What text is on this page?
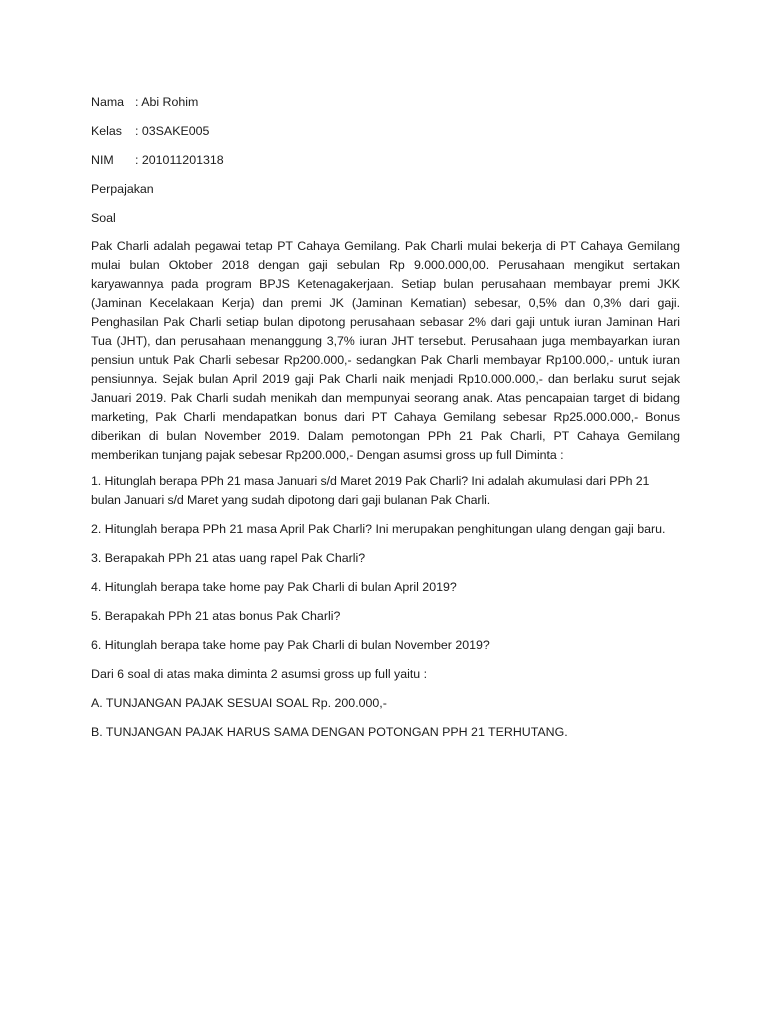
Nama : Abi Rohim
Kelas : 03SAKE005
NIM	: 201011201318
Perpajakan
Soal

Pak Charli adalah pegawai tetap PT Cahaya Gemilang. Pak Charli mulai bekerja di PT Cahaya Gemilang mulai bulan Oktober 2018 dengan gaji sebulan Rp 9.000.000,00. Perusahaan mengikut sertakan karyawannya pada program BPJS Ketenagakerjaan. Setiap bulan perusahaan membayar premi JKK (Jaminan Kecelakaan Kerja) dan premi JK (Jaminan Kematian) sebesar, 0,5% dan 0,3% dari gaji. Penghasilan Pak Charli setiap bulan dipotong perusahaan sebasar 2% dari gaji untuk iuran Jaminan Hari Tua (JHT), dan perusahaan menanggung 3,7% iuran JHT tersebut. Perusahaan juga membayarkan iuran pensiun untuk Pak Charli sebesar Rp200.000,- sedangkan Pak Charli membayar Rp100.000,- untuk iuran pensiunnya. Sejak bulan April 2019 gaji Pak Charli naik menjadi Rp10.000.000,- dan berlaku surut sejak Januari 2019. Pak Charli sudah menikah dan mempunyai seorang anak. Atas pencapaian target di bidang marketing, Pak Charli mendapatkan bonus dari PT Cahaya Gemilang sebesar Rp25.000.000,- Bonus diberikan di bulan November 2019. Dalam pemotongan PPh 21 Pak Charli, PT Cahaya Gemilang memberikan tunjang pajak sebesar Rp200.000,- Dengan asumsi gross up full Diminta :

1. Hitunglah berapa PPh 21 masa Januari s/d Maret 2019 Pak Charli? Ini adalah akumulasi dari PPh 21 bulan Januari s/d Maret yang sudah dipotong dari gaji bulanan Pak Charli.

2. Hitunglah berapa PPh 21 masa April Pak Charli? Ini merupakan penghitungan ulang dengan gaji baru.

3. Berapakah PPh 21 atas uang rapel Pak Charli?

4. Hitunglah berapa take home pay Pak Charli di bulan April 2019?

5. Berapakah PPh 21 atas bonus Pak Charli?

6. Hitunglah berapa take home pay Pak Charli di bulan November 2019?

Dari 6 soal di atas maka diminta 2 asumsi gross up full yaitu :

A. TUNJANGAN PAJAK SESUAI SOAL Rp. 200.000,-

B. TUNJANGAN PAJAK HARUS SAMA DENGAN POTONGAN PPH 21 TERHUTANG.
